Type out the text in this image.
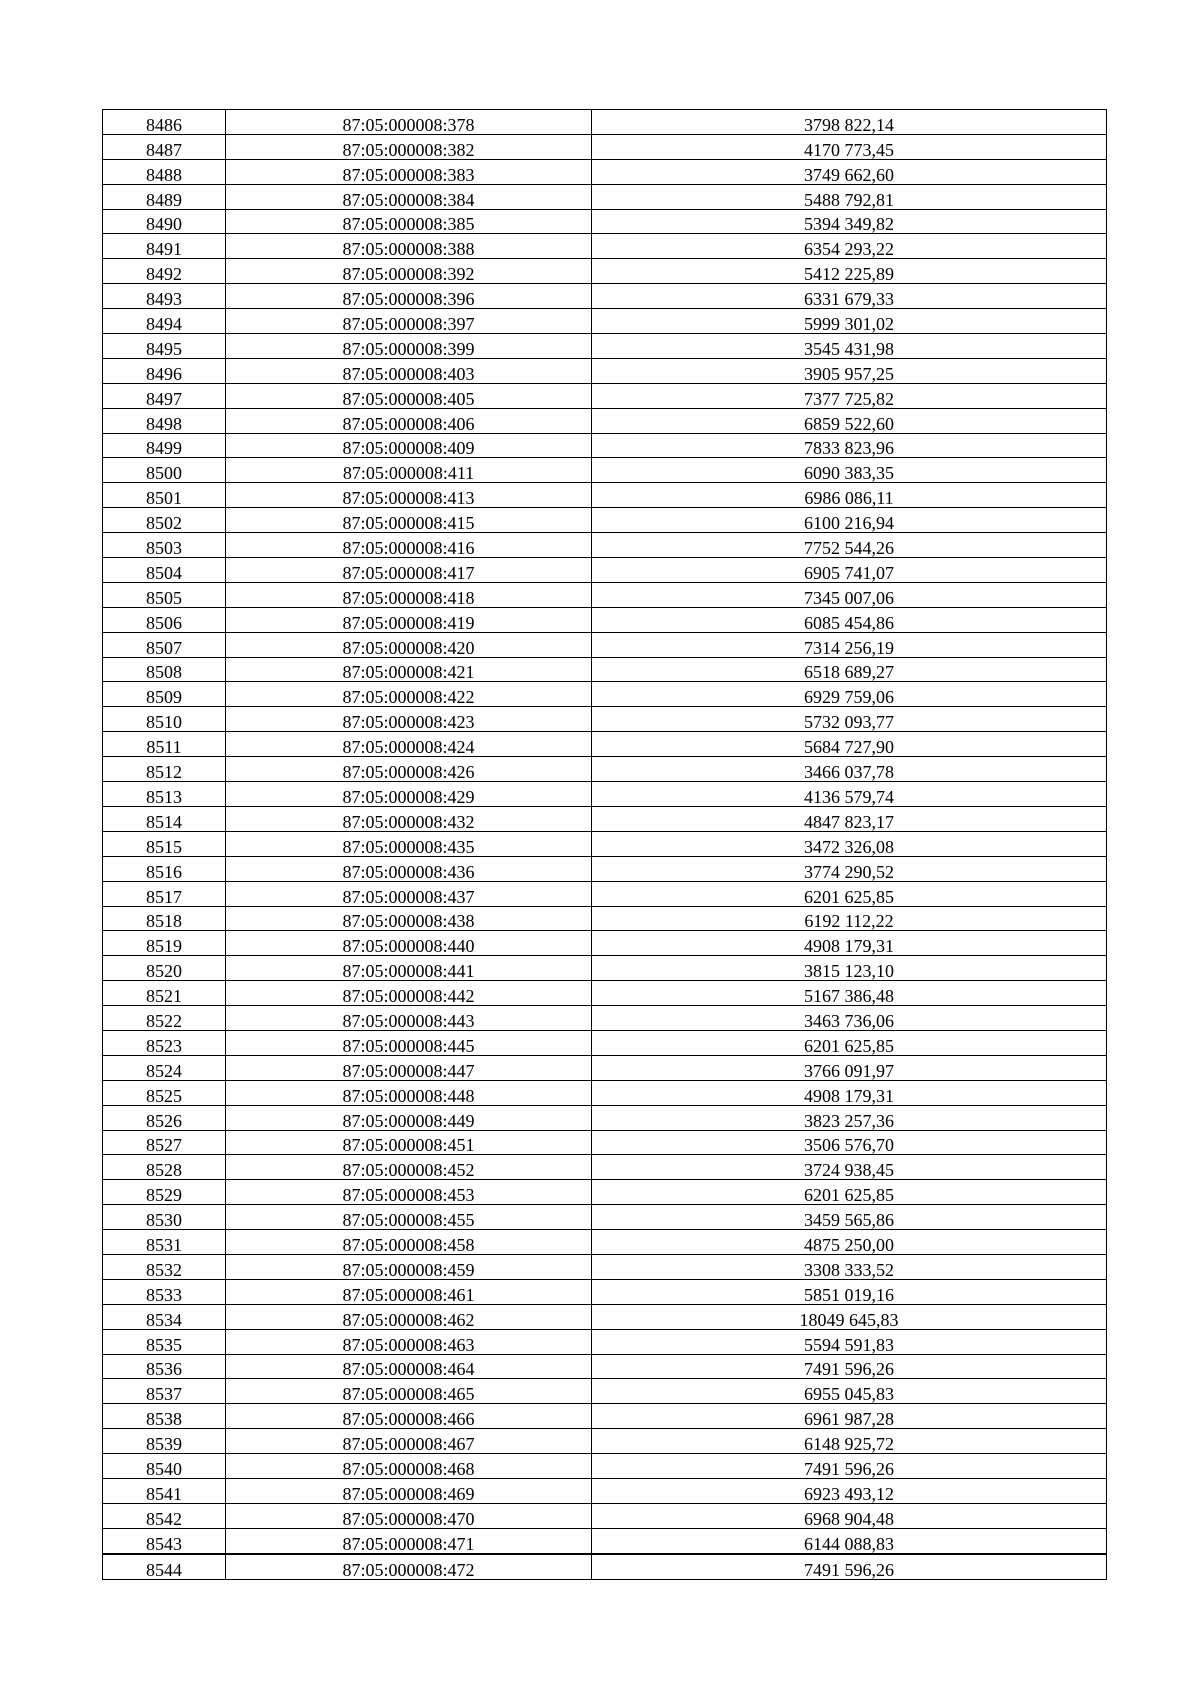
8486	87:05:000008:378	3798 822,14
8487	87:05:000008:382	4170 773,45
8488	87:05:000008:383	3749 662,60
8489	87:05:000008:384	5488 792,81
8490	87:05:000008:385	5394 349,82
8491	87:05:000008:388	6354 293,22
8492	87:05:000008:392	5412 225,89
8493	87:05:000008:396	6331 679,33
8494	87:05:000008:397	5999 301,02
8495	87:05:000008:399	3545 431,98
8496	87:05:000008:403	3905 957,25
8497	87:05:000008:405	7377 725,82
8498	87:05:000008:406	6859 522,60
8499	87:05:000008:409	7833 823,96
8500	87:05:000008:411	6090 383,35
8501	87:05:000008:413	6986 086,11
8502	87:05:000008:415	6100 216,94
8503	87:05:000008:416	7752 544,26
8504	87:05:000008:417	6905 741,07
8505	87:05:000008:418	7345 007,06
8506	87:05:000008:419	6085 454,86
8507	87:05:000008:420	7314 256,19
8508	87:05:000008:421	6518 689,27
8509	87:05:000008:422	6929 759,06
8510	87:05:000008:423	5732 093,77
8511	87:05:000008:424	5684 727,90
8512	87:05:000008:426	3466 037,78
8513	87:05:000008:429	4136 579,74
8514	87:05:000008:432	4847 823,17
8515	87:05:000008:435	3472 326,08
8516	87:05:000008:436	3774 290,52
8517	87:05:000008:437	6201 625,85
8518	87:05:000008:438	6192 112,22
8519	87:05:000008:440	4908 179,31
8520	87:05:000008:441	3815 123,10
8521	87:05:000008:442	5167 386,48
8522	87:05:000008:443	3463 736,06
8523	87:05:000008:445	6201 625,85
8524	87:05:000008:447	3766 091,97
8525	87:05:000008:448	4908 179,31
8526	87:05:000008:449	3823 257,36
8527	87:05:000008:451	3506 576,70
8528	87:05:000008:452	3724 938,45
8529	87:05:000008:453	6201 625,85
8530	87:05:000008:455	3459 565,86
8531	87:05:000008:458	4875 250,00
8532	87:05:000008:459	3308 333,52
8533	87:05:000008:461	5851 019,16
8534	87:05:000008:462	18049 645,83
8535	87:05:000008:463	5594 591,83
8536	87:05:000008:464	7491 596,26
8537	87:05:000008:465	6955 045,83
8538	87:05:000008:466	6961 987,28
8539	87:05:000008:467	6148 925,72
8540	87:05:000008:468	7491 596,26
8541	87:05:000008:469	6923 493,12
8542	87:05:000008:470	6968 904,48
8543	87:05:000008:471	6144 088,83
8544	87:05:000008:472	7491 596,26
